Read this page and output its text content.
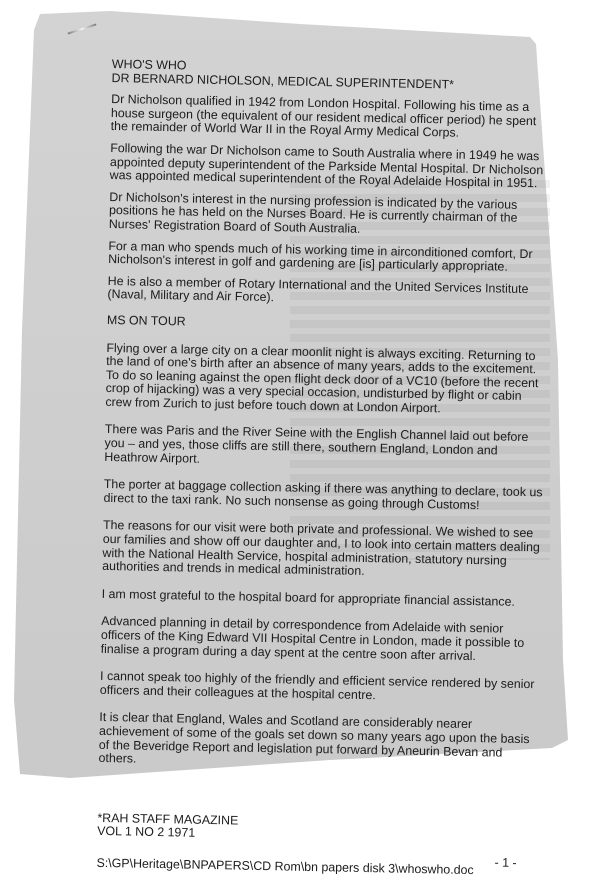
WHO'S WHO
DR BERNARD NICHOLSON, MEDICAL SUPERINTENDENT*

Dr Nicholson qualified in 1942 from London Hospital. Following his time as a house surgeon (the equivalent of our resident medical officer period) he spent the remainder of World War II in the Royal Army Medical Corps.

Following the war Dr Nicholson came to South Australia where in 1949 he was appointed deputy superintendent of the Parkside Mental Hospital. Dr Nicholson was appointed medical superintendent of the Royal Adelaide Hospital in 1951.

Dr Nicholson's interest in the nursing profession is indicated by the various positions he has held on the Nurses Board. He is currently chairman of the Nurses' Registration Board of South Australia.

For a man who spends much of his working time in airconditioned comfort, Dr Nicholson's interest in golf and gardening are [is] particularly appropriate.

He is also a member of Rotary International and the United Services Institute (Naval, Military and Air Force).

MS ON TOUR

Flying over a large city on a clear moonlit night is always exciting. Returning to the land of one's birth after an absence of many years, adds to the excitement. To do so leaning against the open flight deck door of a VC10 (before the recent crop of hijacking) was a very special occasion, undisturbed by flight or cabin crew from Zurich to just before touch down at London Airport.

There was Paris and the River Seine with the English Channel laid out before you – and yes, those cliffs are still there, southern England, London and Heathrow Airport.

The porter at baggage collection asking if there was anything to declare, took us direct to the taxi rank. No such nonsense as going through Customs!

The reasons for our visit were both private and professional. We wished to see our families and show off our daughter and, I to look into certain matters dealing with the National Health Service, hospital administration, statutory nursing authorities and trends in medical administration.

I am most grateful to the hospital board for appropriate financial assistance.

Advanced planning in detail by correspondence from Adelaide with senior officers of the King Edward VII Hospital Centre in London, made it possible to finalise a program during a day spent at the centre soon after arrival.

I cannot speak too highly of the friendly and efficient service rendered by senior officers and their colleagues at the hospital centre.

It is clear that England, Wales and Scotland are considerably nearer achievement of some of the goals set down so many years ago upon the basis of the Beveridge Report and legislation put forward by Aneurin Bevan and others.

*RAH STAFF MAGAZINE
VOL 1 NO 2 1971
S:\GP\Heritage\BNPAPERS\CD Rom\bn papers disk 3\whoswho.doc - 1 -
